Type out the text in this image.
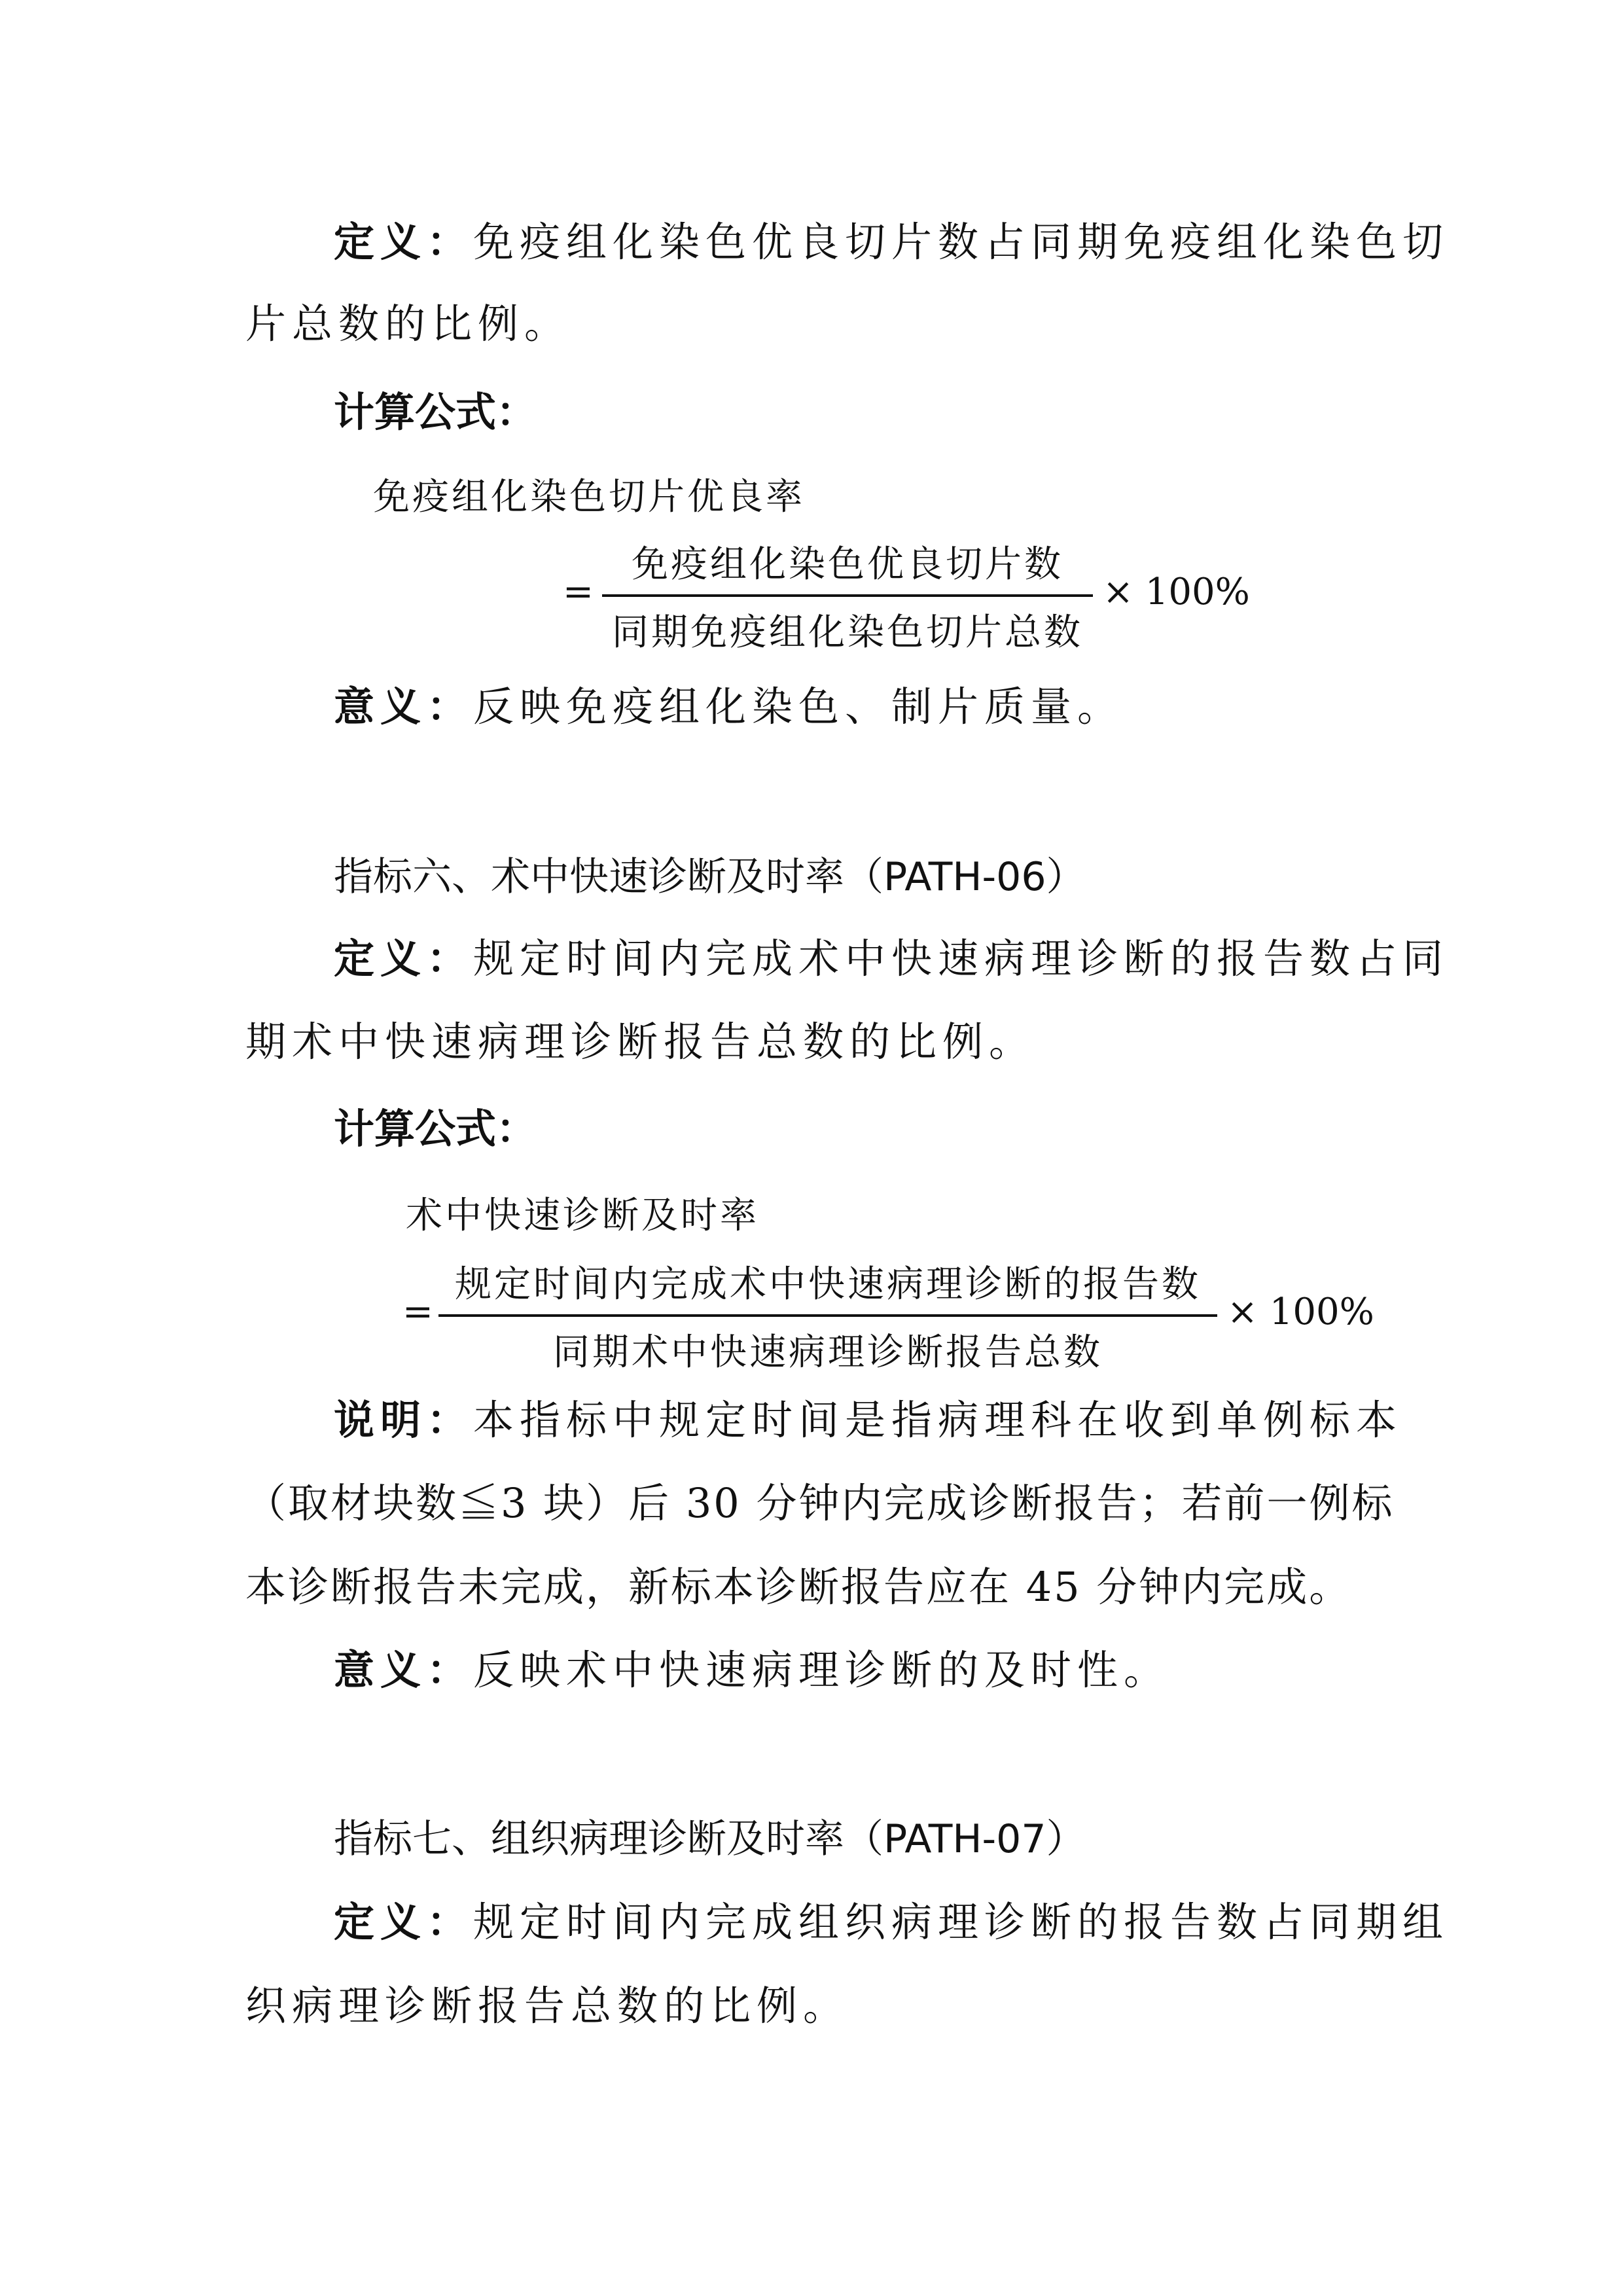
定义：免疫组化染色优良切片数占同期免疫组化染色切
片总数的比例。
计算公式：
免疫组化染色切片优良率
=
免疫组化染色优良切片数
同期免疫组化染色切片总数
× 100%
意义：反映免疫组化染色、制片质量。
指标六、术中快速诊断及时率（PATH-06）
定义：规定时间内完成术中快速病理诊断的报告数占同
期术中快速病理诊断报告总数的比例。
计算公式：
术中快速诊断及时率
=
规定时间内完成术中快速病理诊断的报告数
同期术中快速病理诊断报告总数
× 100%
说明：本指标中规定时间是指病理科在收到单例标本
（取材块数≦3 块）后 30 分钟内完成诊断报告；若前一例标
本诊断报告未完成，新标本诊断报告应在 45 分钟内完成。
意义：反映术中快速病理诊断的及时性。
指标七、组织病理诊断及时率（PATH-07）
定义：规定时间内完成组织病理诊断的报告数占同期组
织病理诊断报告总数的比例。
